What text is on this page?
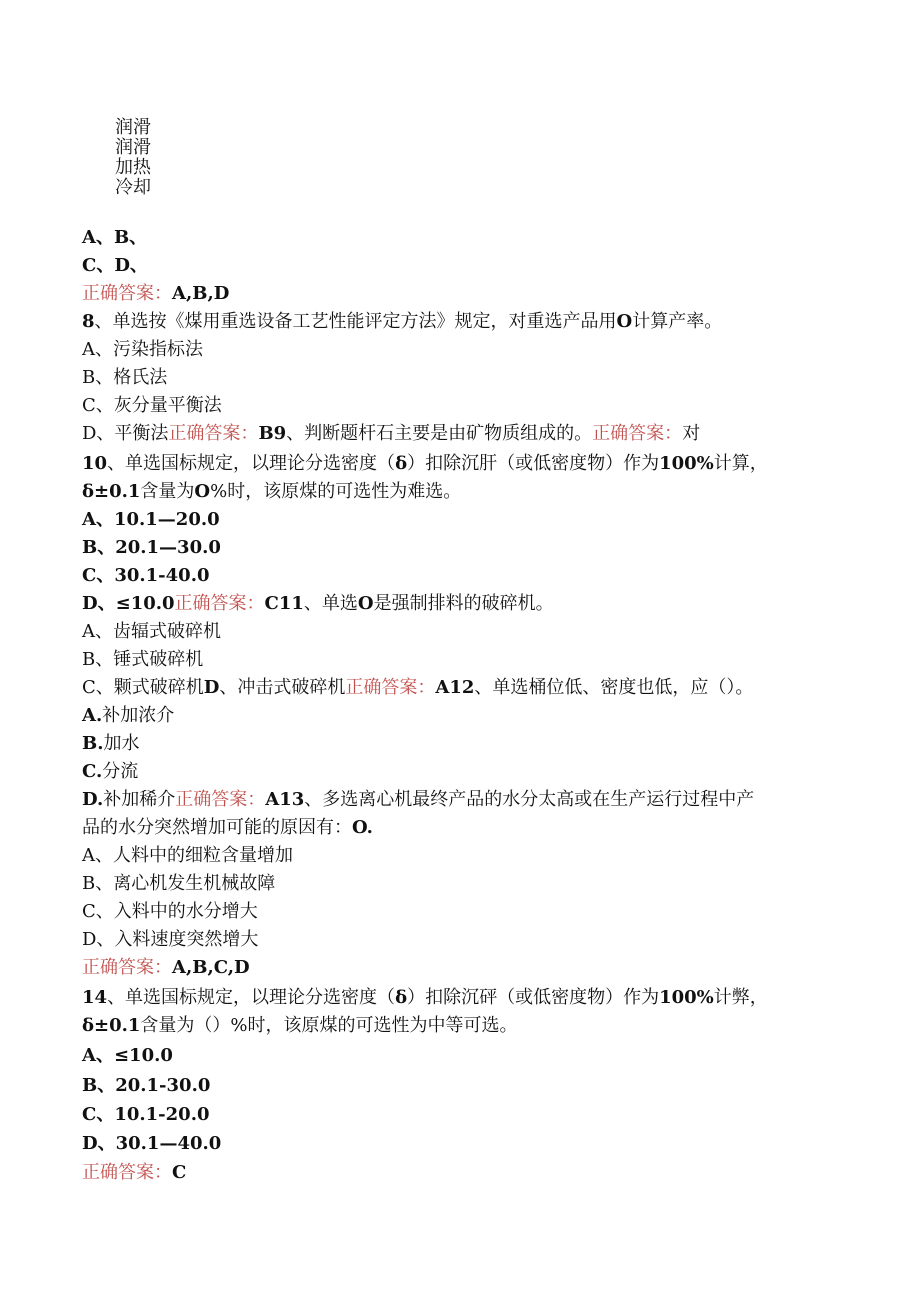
润滑
润滑
加热
冷却
A、B、
C、D、
正确答案：A,B,D
8、单选按《煤用重选设备工艺性能评定方法》规定，对重选产品用O计算产率。
A、污染指标法
B、格氏法
C、灰分量平衡法
D、平衡法正确答案：B9、判断题杆石主要是由矿物质组成的。正确答案：对
10、单选国标规定，以理论分选密度（δ）扣除沉肝（或低密度物）作为100%计算，
δ±0.1含量为O%时，该原煤的可选性为难选。
A、10.1—20.0
B、20.1—30.0
C、30.1-40.0
D、≤10.0正确答案：C11、单选O是强制排料的破碎机。
A、齿辐式破碎机
B、锤式破碎机
C、颗式破碎机D、冲击式破碎机正确答案：A12、单选桶位低、密度也低，应（）。
A.补加浓介
B.加水
C.分流
D.补加稀介正确答案：A13、多选离心机最终产品的水分太高或在生产运行过程中产
品的水分突然增加可能的原因有：O.
A、人料中的细粒含量增加
B、离心机发生机械故障
C、入料中的水分增大
D、入料速度突然增大
正确答案：A,B,C,D
14、单选国标规定，以理论分选密度（δ）扣除沉砰（或低密度物）作为100%计弊，
δ±0.1含量为（）%时，该原煤的可选性为中等可选。
A、≤10.0
B、20.1-30.0
C、10.1-20.0
D、30.1—40.0
正确答案：C
